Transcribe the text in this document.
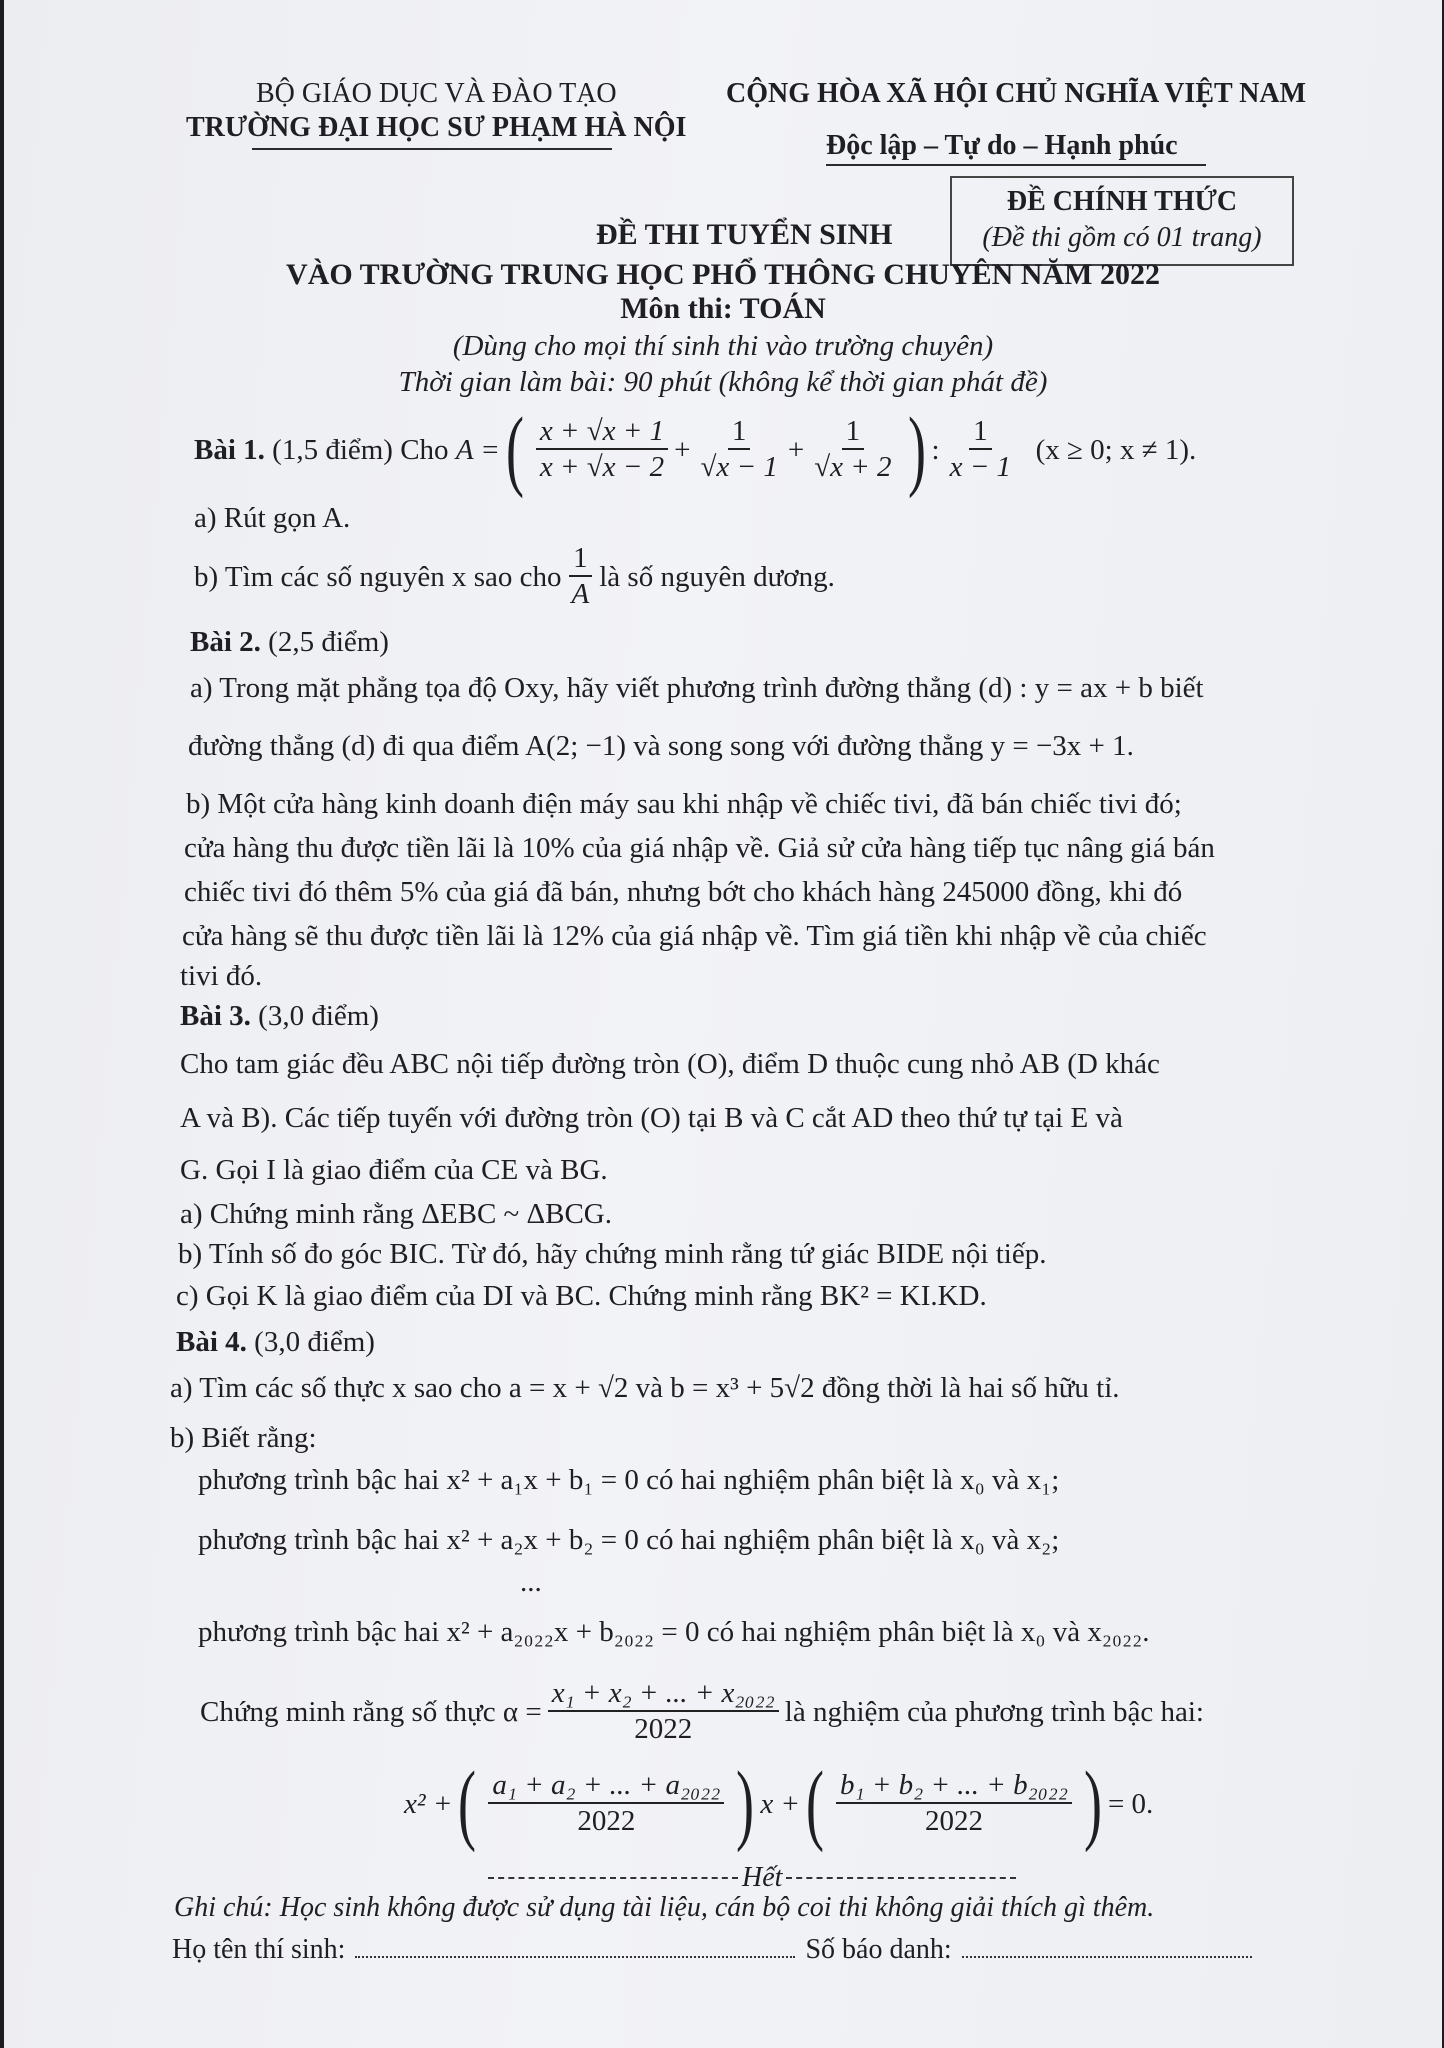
BỘ GIÁO DỤC VÀ ĐÀO TẠO
TRƯỜNG ĐẠI HỌC SƯ PHẠM HÀ NỘI
CỘNG HÒA XÃ HỘI CHỦ NGHĨA VIỆT NAM
Độc lập – Tự do – Hạnh phúc
ĐỀ CHÍNH THỨC
(Đề thi gồm có 01 trang)
ĐỀ THI TUYỂN SINH
VÀO TRƯỜNG TRUNG HỌC PHỔ THÔNG CHUYÊN NĂM 2022
Môn thi: TOÁN
(Dùng cho mọi thí sinh thi vào trường chuyên)
Thời gian làm bài: 90 phút (không kể thời gian phát đề)
Bài 1.
(1,5 điểm) Cho
A = ( $\frac{x + √x + 1}{x + √x - 2} + \frac{1}{√x - 1} + \frac{1}{√x + 2}$ ) : $\frac{1}{x - 1}$
(x ≥ 0; x ≠ 1).
a) Rút gọn A.
b) Tìm các số nguyên x sao cho $\frac{1}{A}$ là số nguyên dương.
Bài 2. (2,5 điểm)
a) Trong mặt phẳng tọa độ Oxy, hãy viết phương trình đường thẳng (d) : y = ax + b biết
đường thẳng (d) đi qua điểm A(2; −1) và song song với đường thẳng y = −3x + 1.
b) Một cửa hàng kinh doanh điện máy sau khi nhập về chiếc tivi, đã bán chiếc tivi đó;
cửa hàng thu được tiền lãi là 10% của giá nhập về. Giả sử cửa hàng tiếp tục nâng giá bán
chiếc tivi đó thêm 5% của giá đã bán, nhưng bớt cho khách hàng 245000 đồng, khi đó
cửa hàng sẽ thu được tiền lãi là 12% của giá nhập về. Tìm giá tiền khi nhập về của chiếc
tivi đó.
Bài 3. (3,0 điểm)
Cho tam giác đều ABC nội tiếp đường tròn (O), điểm D thuộc cung nhỏ AB (D khác
A và B). Các tiếp tuyến với đường tròn (O) tại B và C cắt AD theo thứ tự tại E và
G. Gọi I là giao điểm của CE và BG.
a) Chứng minh rằng ΔEBC ~ ΔBCG.
b) Tính số đo góc BIC. Từ đó, hãy chứng minh rằng tứ giác BIDE nội tiếp.
c) Gọi K là giao điểm của DI và BC. Chứng minh rằng BK² = KI.KD.
Bài 4. (3,0 điểm)
a) Tìm các số thực x sao cho a = x + √2 và b = x³ + 5√2 đồng thời là hai số hữu tỉ.
b) Biết rằng:
phương trình bậc hai x² + a₁x + b₁ = 0 có hai nghiệm phân biệt là x₀ và x₁;
phương trình bậc hai x² + a₂x + b₂ = 0 có hai nghiệm phân biệt là x₀ và x₂;
...
phương trình bậc hai x² + a₂₀₂₂x + b₂₀₂₂ = 0 có hai nghiệm phân biệt là x₀ và x₂₀₂₂.
Chứng minh rằng số thực $\alpha = \frac{\text{x₁ + x₂ + ... + x₂₀₂₂}}{2022}$ là nghiệm của phương trình bậc hai:
x² + ( $\frac{\text{a₁ + a₂ + ... + a₂₀₂₂}}{2022}$ ) x + ( $\frac{\text{b₁ + b₂ + ... + b₂₀₂₂}}{2022}$ ) = 0.
Hết
Ghi chú: Học sinh không được sử dụng tài liệu, cán bộ coi thi không giải thích gì thêm.
Họ tên thí sinh:	Số báo danh:
